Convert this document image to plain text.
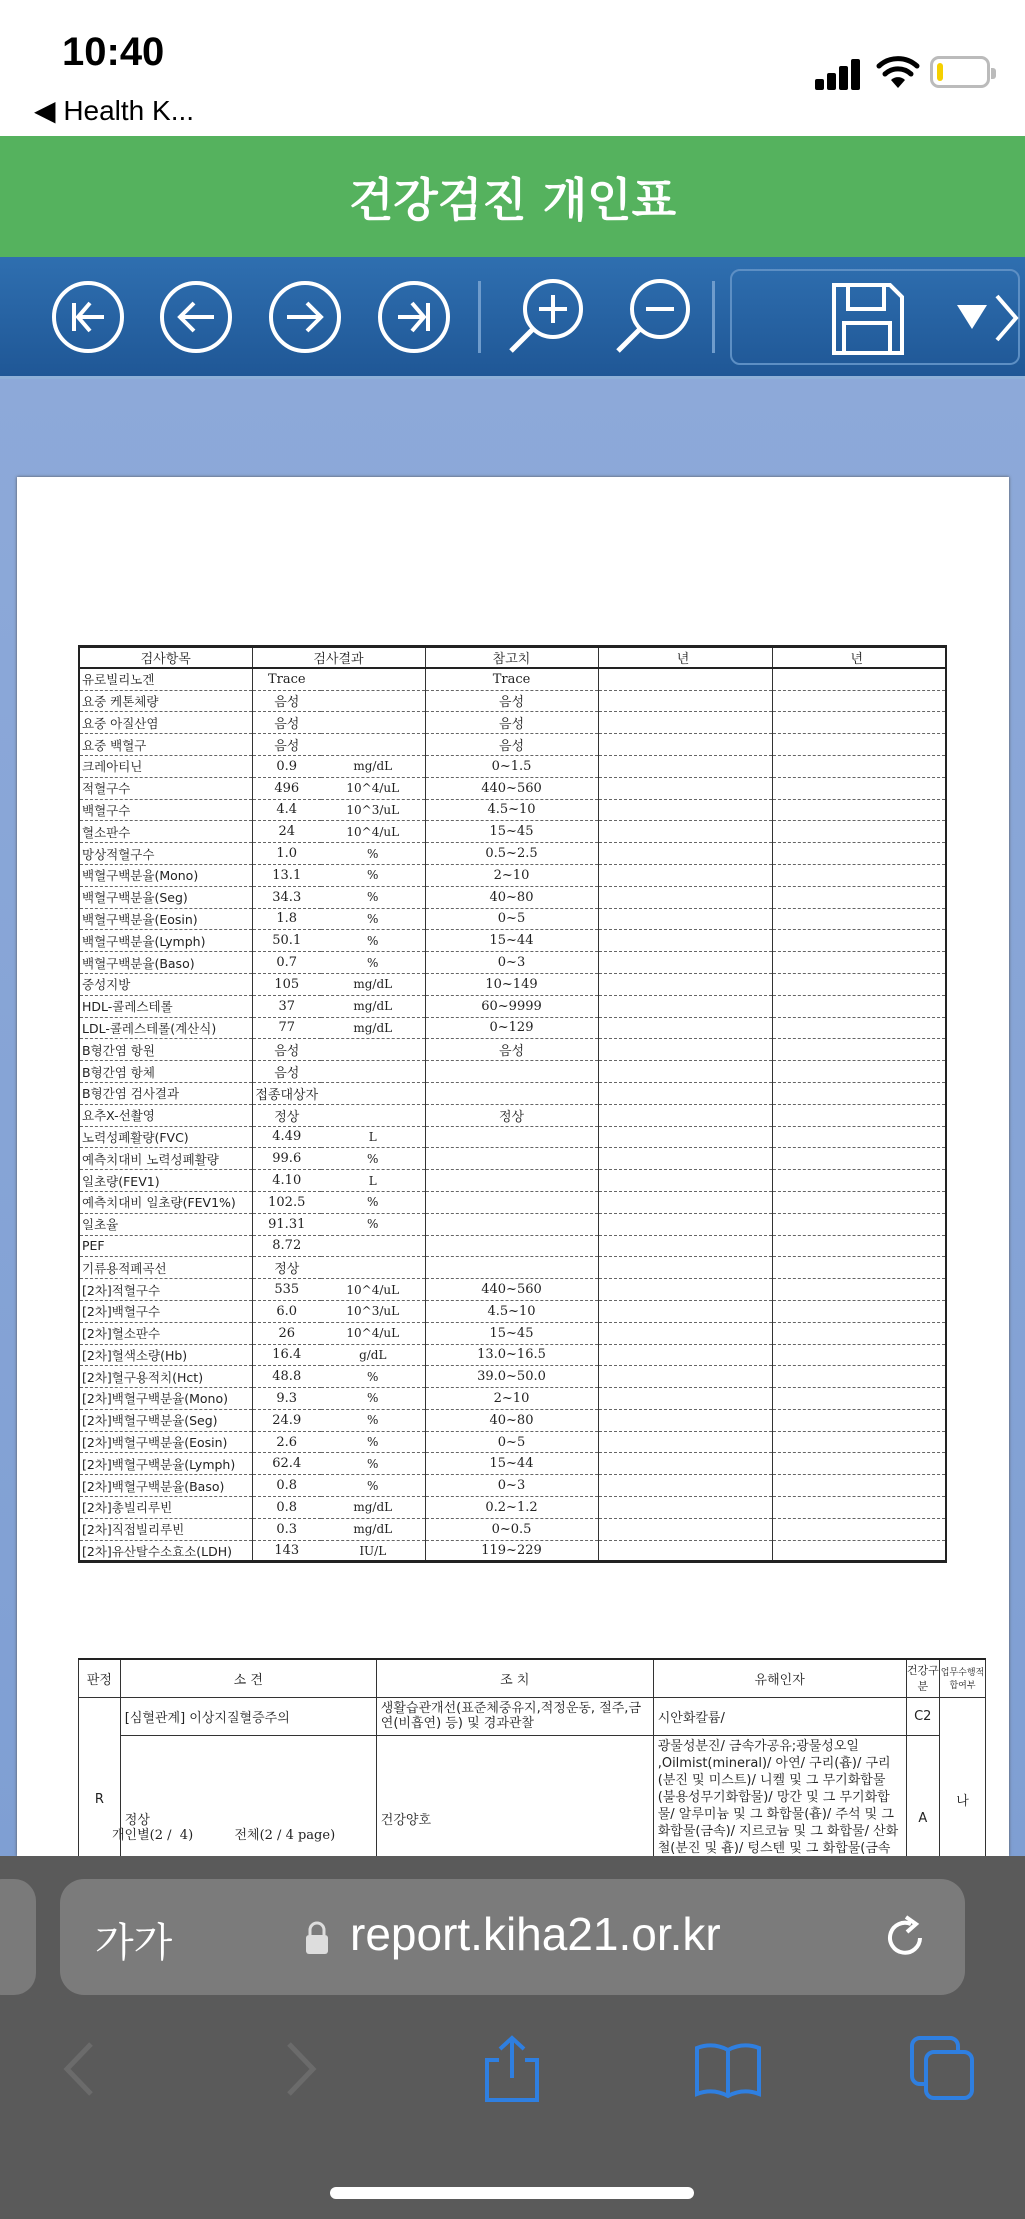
10:40
◀ Health K...
건강검진 개인표
검사항목	검사결과		참고치	년	년
유로빌리노겐	Trace		Trace		
요중 케톤체량	음성		음성		
요중 아질산염	음성		음성		
요중 백혈구	음성		음성		
크레아티닌	0.9	mg/dL	0~1.5		
적혈구수	496	10^4/uL	440~560		
백혈구수	4.4	10^3/uL	4.5~10		
혈소판수	24	10^4/uL	15~45		
망상적혈구수	1.0	%	0.5~2.5		
백혈구백분율(Mono)	13.1	%	2~10		
백혈구백분율(Seg)	34.3	%	40~80		
백혈구백분율(Eosin)	1.8	%	0~5		
백혈구백분율(Lymph)	50.1	%	15~44		
백혈구백분율(Baso)	0.7	%	0~3		
중성지방	105	mg/dL	10~149		
HDL-콜레스테롤	37	mg/dL	60~9999		
LDL-콜레스테롤(계산식)	77	mg/dL	0~129		
B형간염 항원	음성		음성		
B형간염 항체	음성				
B형간염 검사결과	접종대상자				
요추X-선촬영	정상		정상		
노력성폐활량(FVC)	4.49	L			
예측치대비 노력성폐활량	99.6	%			
일초량(FEV1)	4.10	L			
예측치대비 일초량(FEV1%)	102.5	%			
일초율	91.31	%			
PEF	8.72				
기류용적폐곡선	정상				
[2차]적혈구수	535	10^4/uL	440~560		
[2차]백혈구수	6.0	10^3/uL	4.5~10		
[2차]혈소판수	26	10^4/uL	15~45		
[2차]혈색소량(Hb)	16.4	g/dL	13.0~16.5		
[2차]혈구용적치(Hct)	48.8	%	39.0~50.0		
[2차]백혈구백분율(Mono)	9.3	%	2~10		
[2차]백혈구백분율(Seg)	24.9	%	40~80		
[2차]백혈구백분율(Eosin)	2.6	%	0~5		
[2차]백혈구백분율(Lymph)	62.4	%	15~44		
[2차]백혈구백분율(Baso)	0.8	%	0~3		
[2차]총빌리루빈	0.8	mg/dL	0.2~1.2		
[2차]직접빌리루빈	0.3	mg/dL	0~0.5		
[2차]유산탈수소효소(LDH)	143	IU/L	119~229		
판정	소 견	조 치	유해인자	건강구분	업무수행적합여부
R	[심혈관계] 이상지질혈증주의	생활습관개선(표준체중유지,적정운동, 절주,금연(비흡연) 등) 및 경과관찰	시안화칼륨/	C2	나
	정상	건강양호	광물성분진/ 금속가공유;광물성오일 ,Oilmist(mineral)/ 아연/ 구리(흄)/ 구리(분진 및 미스트)/ 니켈 및 그 무기화합물(불용성무기화합물)/ 망간 및 그 무기화합물/ 알루미늄 및 그 화합물(흄)/ 주석 및 그 화합물(금속)/ 지르코늄 및 그 화합물/ 산화철(분진 및 흄)/ 텅스텐 및 그 화합물(금속	A	
개인별(2 /  4)	전체(2 / 4 page)
가가	report.kiha21.or.kr
